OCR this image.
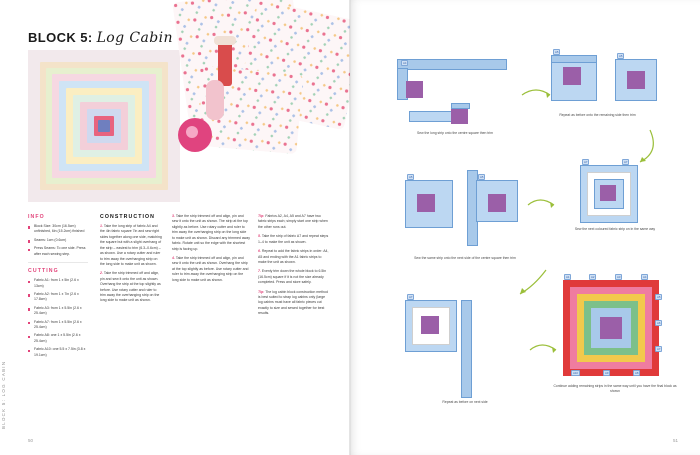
BLOCK 5: Log Cabin
INFO
Block Size: 30cm (16.5cm) unfinished, 6in (15.2cm) finished
Seams: 1cm (0.6cm)
Press Seams: To one side. Press after each sewing step.
CUTTING
Fabric A1: from 1 x 5in (2.6 x 13cm)
Fabric A2: from 1 x 7in (2.6 x 17.8cm)
Fabric A3: from 1 x 5.5in (2.6 x 25.4cm)
Fabric A7: from 1 x 5.5in (2.6 x 25.4cm)
Fabric A8: one 1 x 5.5in (2.6 x 25.4cm)
Fabric A10: one 5.5 x 7.5in (3.8 x 19.1cm)
CONSTRUCTION

1. Take the long strip of fabric A4 and the 4in fabric square 7in and sew right sides together along one side, matching the square but with a slight overhang of the strip – easiest to trim (6.3–0.6cm) – as shown. Use a rotary cutter and ruler to trim away the overhanging strip on the long side to make unit as shown.

2. Take the strip trimmed off and align, pin and sew it onto the unit as shown. Overhang the strip at the top slightly as before. Use rotary cutter and ruler to trim away the overhanging strip on the long side to make unit as shown.

3. Take the strip trimmed off and align, pin and sew it onto the unit as shown. The strip at the top slightly as before. Use rotary cutter and ruler to trim away the overhanging strip on the long side to make unit as shown. Discard any trimmed away fabric. Rotate unit so the edge with the shortest strip is facing up.

4. Take the strip trimmed off and align, pin and sew it onto the unit as shown. Overhang the strip at the top slightly as before. Use rotary cutter and ruler to trim away the overhanging strip on the long side to make unit as shown.

Tip: Fabrics A2, A4, A5 and A7 have two fabric strips each; simply start one strip when the other runs out.

5. Take the strip of fabric A7 and repeat steps 1–4 to make the unit as shown.

6. Repeat to add the fabric strips in order: A4, A5 and ending with the A1 fabric strips to make the unit as shown.

7. Evenly trim down the whole block to 6.5in (16.5cm) square if it is not the size already completed. Press and store safely.

Tip: The log cabin block construction method is best suited to strap log cabins only (large log cabins must have all fabric pieces cut exactly to size and sewed together for best results.

BLOCK 5: LOG CABIN
50
A4
Sew the long strip onto the centre square then trim
A5
A5
Repeat as before onto the remaining side then trim
A5	A5
Sew the same strip onto the next side of the centre square then trim
A7	A7
Sew the next coloured fabric strip on in the same way
A7
Repeat as before on next side
A1	A2	A3	A4
A5
A6
A7
A8
A9
A10
Continue adding remaining strips in the same way until you have the final block as shown
51
